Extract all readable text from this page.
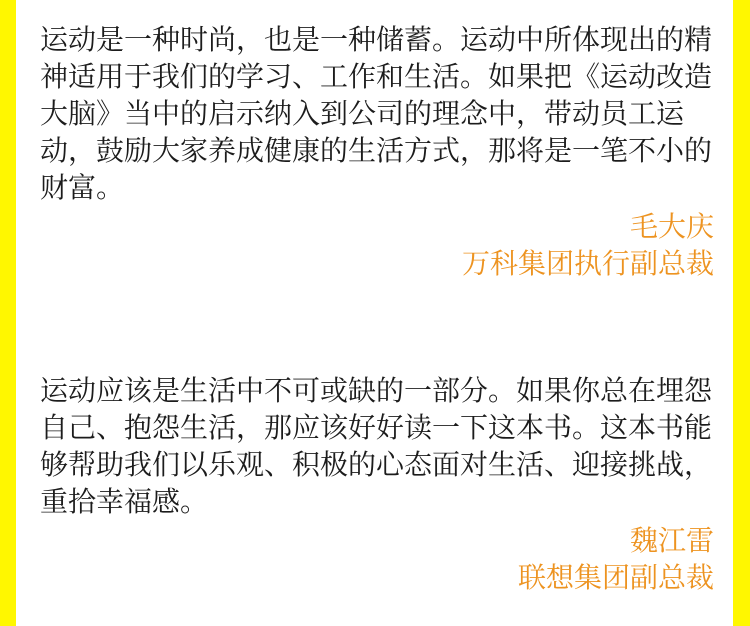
运动是一种时尚，也是一种储蓄。运动中所体现出的精神适用于我们的学习、工作和生活。如果把《运动改造大脑》当中的启示纳入到公司的理念中，带动员工运动，鼓励大家养成健康的生活方式，那将是一笔不小的财富。

毛大庆
万科集团执行副总裁

运动应该是生活中不可或缺的一部分。如果你总在埋怨自己、抱怨生活，那应该好好读一下这本书。这本书能够帮助我们以乐观、积极的心态面对生活、迎接挑战，重拾幸福感。

魏江雷
联想集团副总裁
